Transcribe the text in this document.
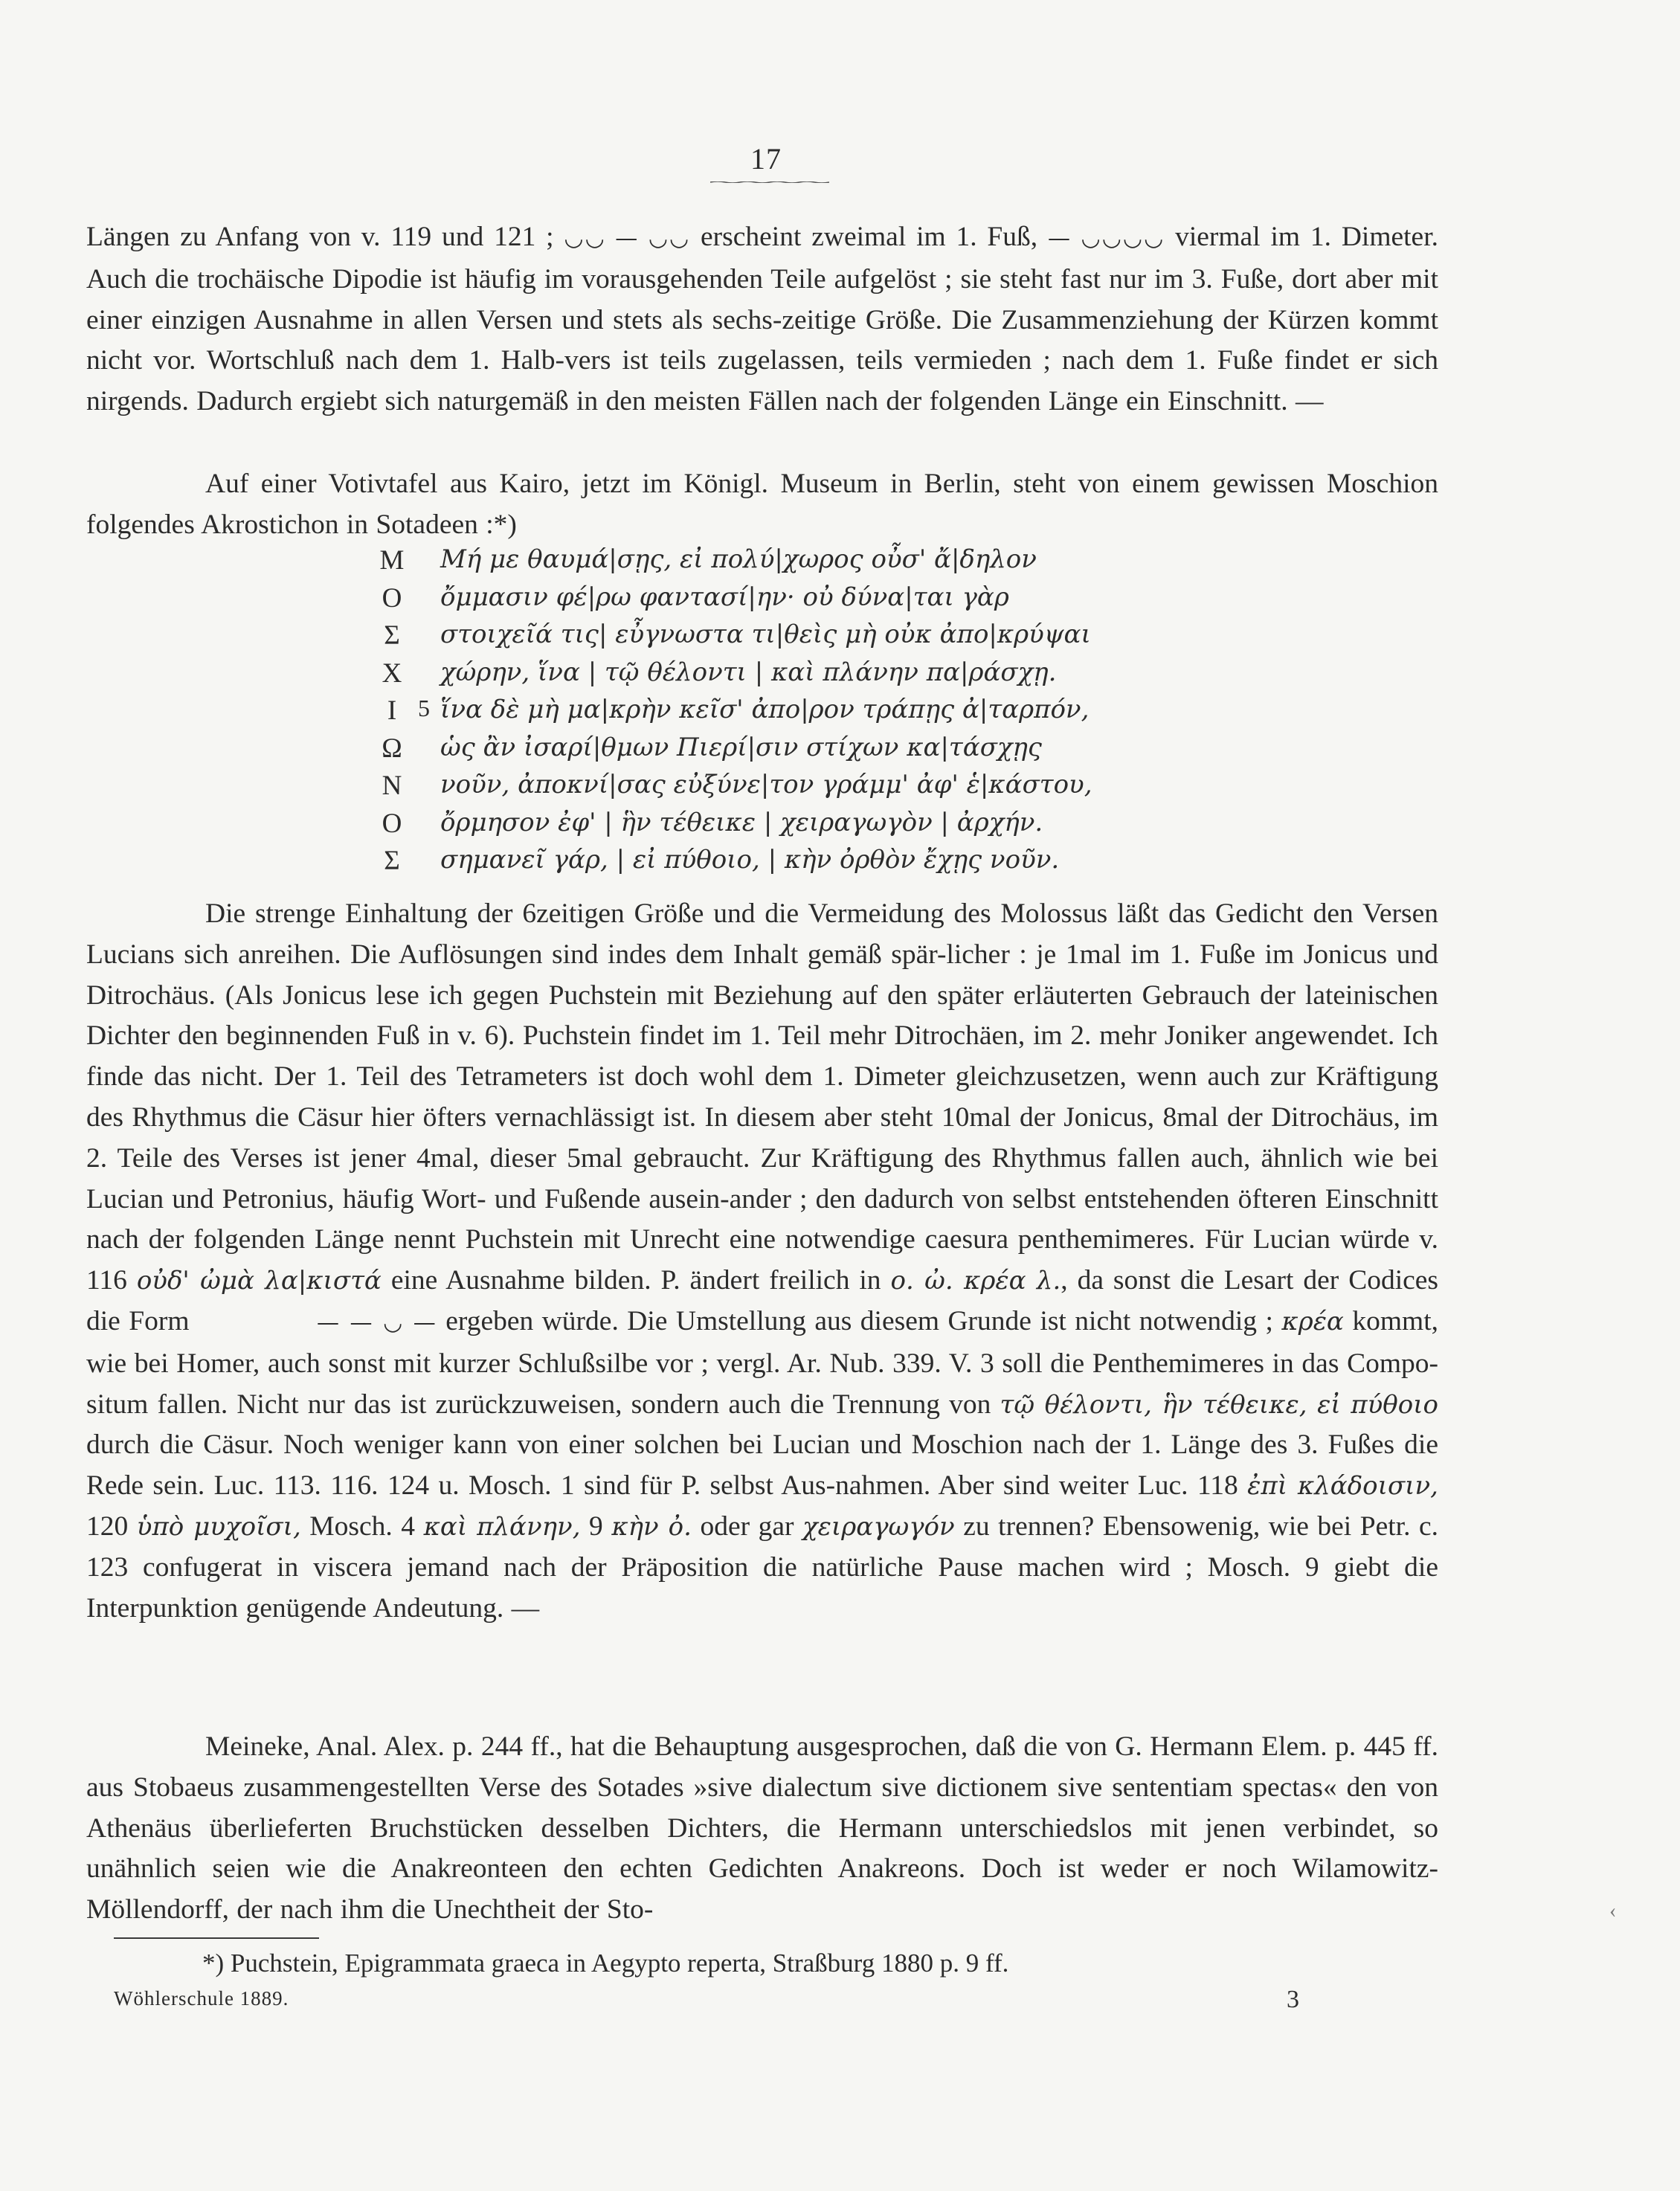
17

Längen zu Anfang von v. 119 und 121 ; ◡◡ — ◡◡ erscheint zweimal im 1. Fuß, — ◡◡◡◡ viermal im 1. Dimeter. Auch die trochäische Dipodie ist häufig im vorausgehenden Teile aufgelöst ; sie steht fast nur im 3. Fuße, dort aber mit einer einzigen Ausnahme in allen Versen und stets als sechs-zeitige Größe. Die Zusammenziehung der Kürzen kommt nicht vor. Wortschluß nach dem 1. Halb-vers ist teils zugelassen, teils vermieden ; nach dem 1. Fuße findet er sich nirgends. Dadurch ergiebt sich naturgemäß in den meisten Fällen nach der folgenden Länge ein Einschnitt. —

Auf einer Votivtafel aus Kairo, jetzt im Königl. Museum in Berlin, steht von einem gewissen Moschion folgendes Akrostichon in Sotadeen :*)

M Μή με θαυμά|σῃς, εἰ πολύ|χωρος οὖσ' ἄ|δηλον
O ὄμμασιν φέ|ρω φαντασί|ην· οὐ δύνα|ται γὰρ
Σ στοιχεῖά τις| εὖγνωστα τι|θεὶς μὴ οὐκ ἀπο|κρύψαι
X χώρην, ἵνα | τῷ θέλοντι | καὶ πλάνην πα|ράσχῃ.
I 5 ἵνα δὲ μὴ μα|κρὴν κεῖσ' ἀπο|ρον τράπῃς ἀ|ταρπόν,
Ω ὡς ἂν ἰσαρί|θμων Πιερί|σιν στίχων κα|τάσχῃς
N νοῦν, ἀποκνί|σας εὐξύνε|τον γράμμ' ἀφ' ἑ|κάστου,
O ὄρμησον ἐφ' | ἣν τέθεικε | χειραγωγὸν | ἀρχήν.
Σ σημανεῖ γάρ, | εἰ πύθοιο, | κὴν ὀρθὸν ἔχῃς νοῦν.

Die strenge Einhaltung der 6zeitigen Größe und die Vermeidung des Molossus läßt das Gedicht den Versen Lucians sich anreihen. Die Auflösungen sind indes dem Inhalt gemäß spär-licher : je 1mal im 1. Fuße im Jonicus und Ditrochäus. (Als Jonicus lese ich gegen Puchstein mit Beziehung auf den später erläuterten Gebrauch der lateinischen Dichter den beginnenden Fuß in v. 6). Puchstein findet im 1. Teil mehr Ditrochäen, im 2. mehr Joniker angewendet. Ich finde das nicht. Der 1. Teil des Tetrameters ist doch wohl dem 1. Dimeter gleichzusetzen, wenn auch zur Kräftigung des Rhythmus die Cäsur hier öfters vernachlässigt ist. In diesem aber steht 10mal der Jonicus, 8mal der Ditrochäus, im 2. Teile des Verses ist jener 4mal, dieser 5mal gebraucht. Zur Kräftigung des Rhythmus fallen auch, ähnlich wie bei Lucian und Petronius, häufig Wort- und Fußende ausein-ander ; den dadurch von selbst entstehenden öfteren Einschnitt nach der folgenden Länge nennt Puchstein mit Unrecht eine notwendige caesura penthemimeres. Für Lucian würde v. 116 οὐδ' ὠμὰ λα|κιστά eine Ausnahme bilden. P. ändert freilich in ο. ὠ. κρέα λ., da sonst die Lesart der Codices die Form	— — ◡ — ergeben würde. Die Umstellung aus diesem Grunde ist nicht notwendig ; κρέα kommt, wie bei Homer, auch sonst mit kurzer Schlußsilbe vor ; vergl. Ar. Nub. 339. V. 3 soll die Penthemimeres in das Compo-situm fallen. Nicht nur das ist zurückzuweisen, sondern auch die Trennung von τῷ θέλοντι, ἣν τέθεικε, εἰ πύθοιο durch die Cäsur. Noch weniger kann von einer solchen bei Lucian und Moschion nach der 1. Länge des 3. Fußes die Rede sein. Luc. 113. 116. 124 u. Mosch. 1 sind für P. selbst Aus-nahmen. Aber sind weiter Luc. 118 ἐπὶ κλάδοισιν, 120 ὑπὸ μυχοῖσι, Mosch. 4 καὶ πλάνην, 9 κὴν ὀ. oder gar χειραγωγόν zu trennen? Ebensowenig, wie bei Petr. c. 123 confugerat in viscera jemand nach der Präposition die natürliche Pause machen wird ; Mosch. 9 giebt die Interpunktion genügende Andeutung. —

Meineke, Anal. Alex. p. 244 ff., hat die Behauptung ausgesprochen, daß die von G. Hermann Elem. p. 445 ff. aus Stobaeus zusammengestellten Verse des Sotades »sive dialectum sive dictionem sive sententiam spectas« den von Athenäus überlieferten Bruchstücken desselben Dichters, die Hermann unterschiedslos mit jenen verbindet, so unähnlich seien wie die Anakreonteen den echten Gedichten Anakreons. Doch ist weder er noch Wilamowitz-Möllendorff, der nach ihm die Unechtheit der Sto-	‹
*) Puchstein, Epigrammata graeca in Aegypto reperta, Straßburg 1880 p. 9 ff.
Wöhlerschule 1889.	3
